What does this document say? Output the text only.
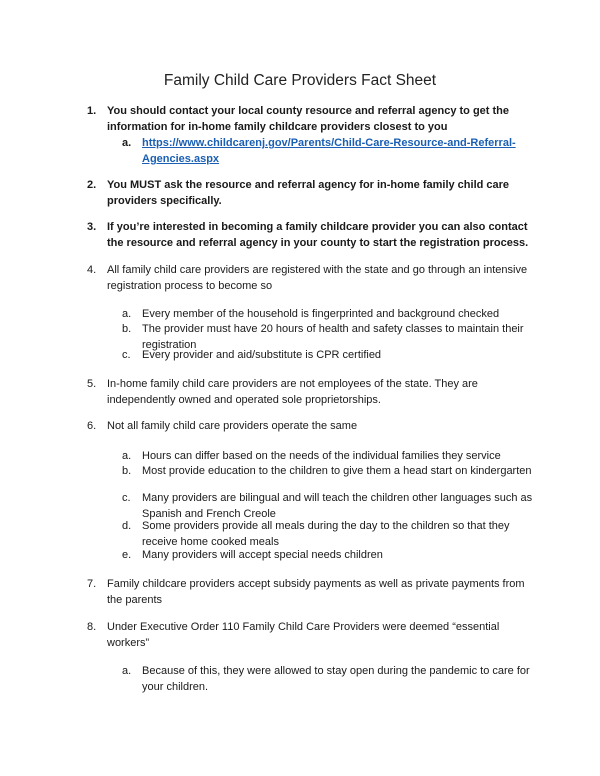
Family Child Care Providers Fact Sheet
1. You should contact your local county resource and referral agency to get the information for in-home family childcare providers closest to you
a. https://www.childcarenj.gov/Parents/Child-Care-Resource-and-Referral-Agencies.aspx
2. You MUST ask the resource and referral agency for in-home family child care providers specifically.
3. If you’re interested in becoming a family childcare provider you can also contact the resource and referral agency in your county to start the registration process.
4. All family child care providers are registered with the state and go through an intensive registration process to become so
a. Every member of the household is fingerprinted and background checked
b. The provider must have 20 hours of health and safety classes to maintain their registration
c.	Every provider and aid/substitute is CPR certified
5. In-home family child care providers are not employees of the state. They are independently owned and operated sole proprietorships.
6. Not all family child care providers operate the same
a. Hours can differ based on the needs of the individual families they service
b. Most provide education to the children to give them a head start on kindergarten
c.	Many providers are bilingual and will teach the children other languages such as Spanish and French Creole
d. Some providers provide all meals during the day to the children so that they receive home cooked meals
e. Many providers will accept special needs children
7. Family childcare providers accept subsidy payments as well as private payments from the parents
8. Under Executive Order 110 Family Child Care Providers were deemed “essential workers”
a. Because of this, they were allowed to stay open during the pandemic to care for your children.
